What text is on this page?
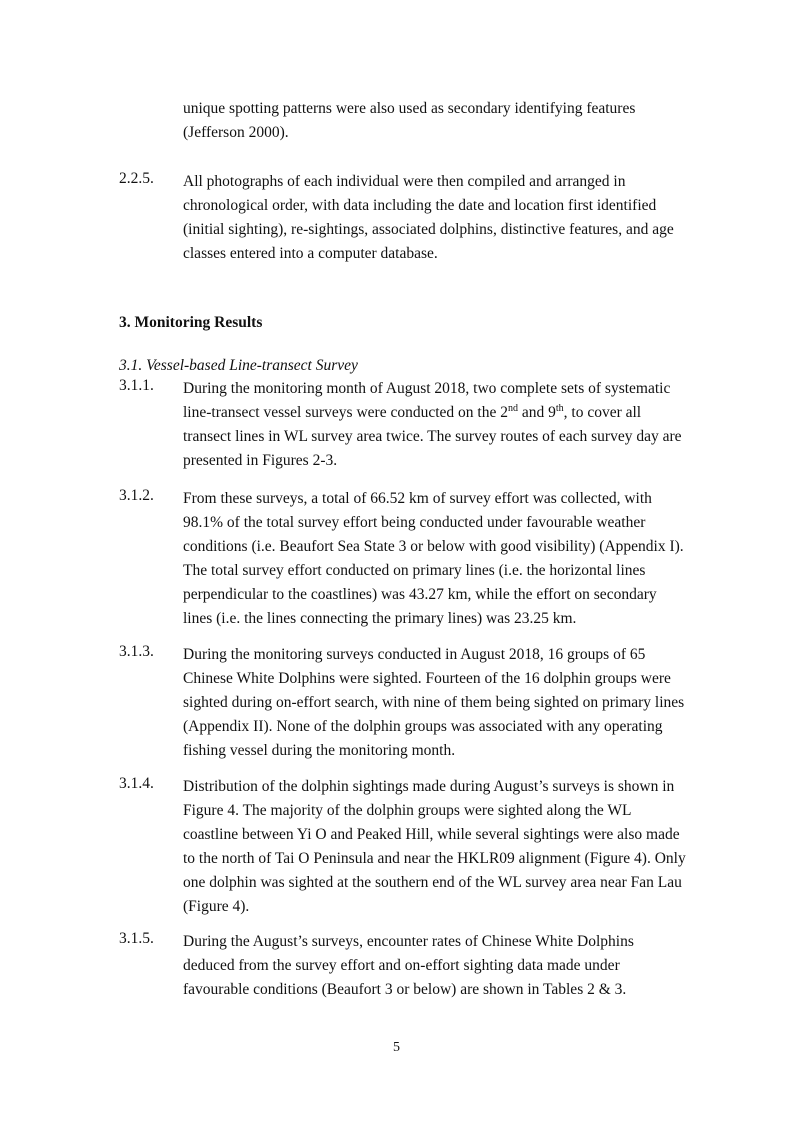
unique spotting patterns were also used as secondary identifying features (Jefferson 2000).
2.2.5. All photographs of each individual were then compiled and arranged in chronological order, with data including the date and location first identified (initial sighting), re-sightings, associated dolphins, distinctive features, and age classes entered into a computer database.
3. Monitoring Results
3.1. Vessel-based Line-transect Survey
3.1.1. During the monitoring month of August 2018, two complete sets of systematic line-transect vessel surveys were conducted on the 2nd and 9th, to cover all transect lines in WL survey area twice. The survey routes of each survey day are presented in Figures 2-3.
3.1.2. From these surveys, a total of 66.52 km of survey effort was collected, with 98.1% of the total survey effort being conducted under favourable weather conditions (i.e. Beaufort Sea State 3 or below with good visibility) (Appendix I). The total survey effort conducted on primary lines (i.e. the horizontal lines perpendicular to the coastlines) was 43.27 km, while the effort on secondary lines (i.e. the lines connecting the primary lines) was 23.25 km.
3.1.3. During the monitoring surveys conducted in August 2018, 16 groups of 65 Chinese White Dolphins were sighted. Fourteen of the 16 dolphin groups were sighted during on-effort search, with nine of them being sighted on primary lines (Appendix II). None of the dolphin groups was associated with any operating fishing vessel during the monitoring month.
3.1.4. Distribution of the dolphin sightings made during August’s surveys is shown in Figure 4. The majority of the dolphin groups were sighted along the WL coastline between Yi O and Peaked Hill, while several sightings were also made to the north of Tai O Peninsula and near the HKLR09 alignment (Figure 4). Only one dolphin was sighted at the southern end of the WL survey area near Fan Lau (Figure 4).
3.1.5. During the August’s surveys, encounter rates of Chinese White Dolphins deduced from the survey effort and on-effort sighting data made under favourable conditions (Beaufort 3 or below) are shown in Tables 2 & 3.
5
